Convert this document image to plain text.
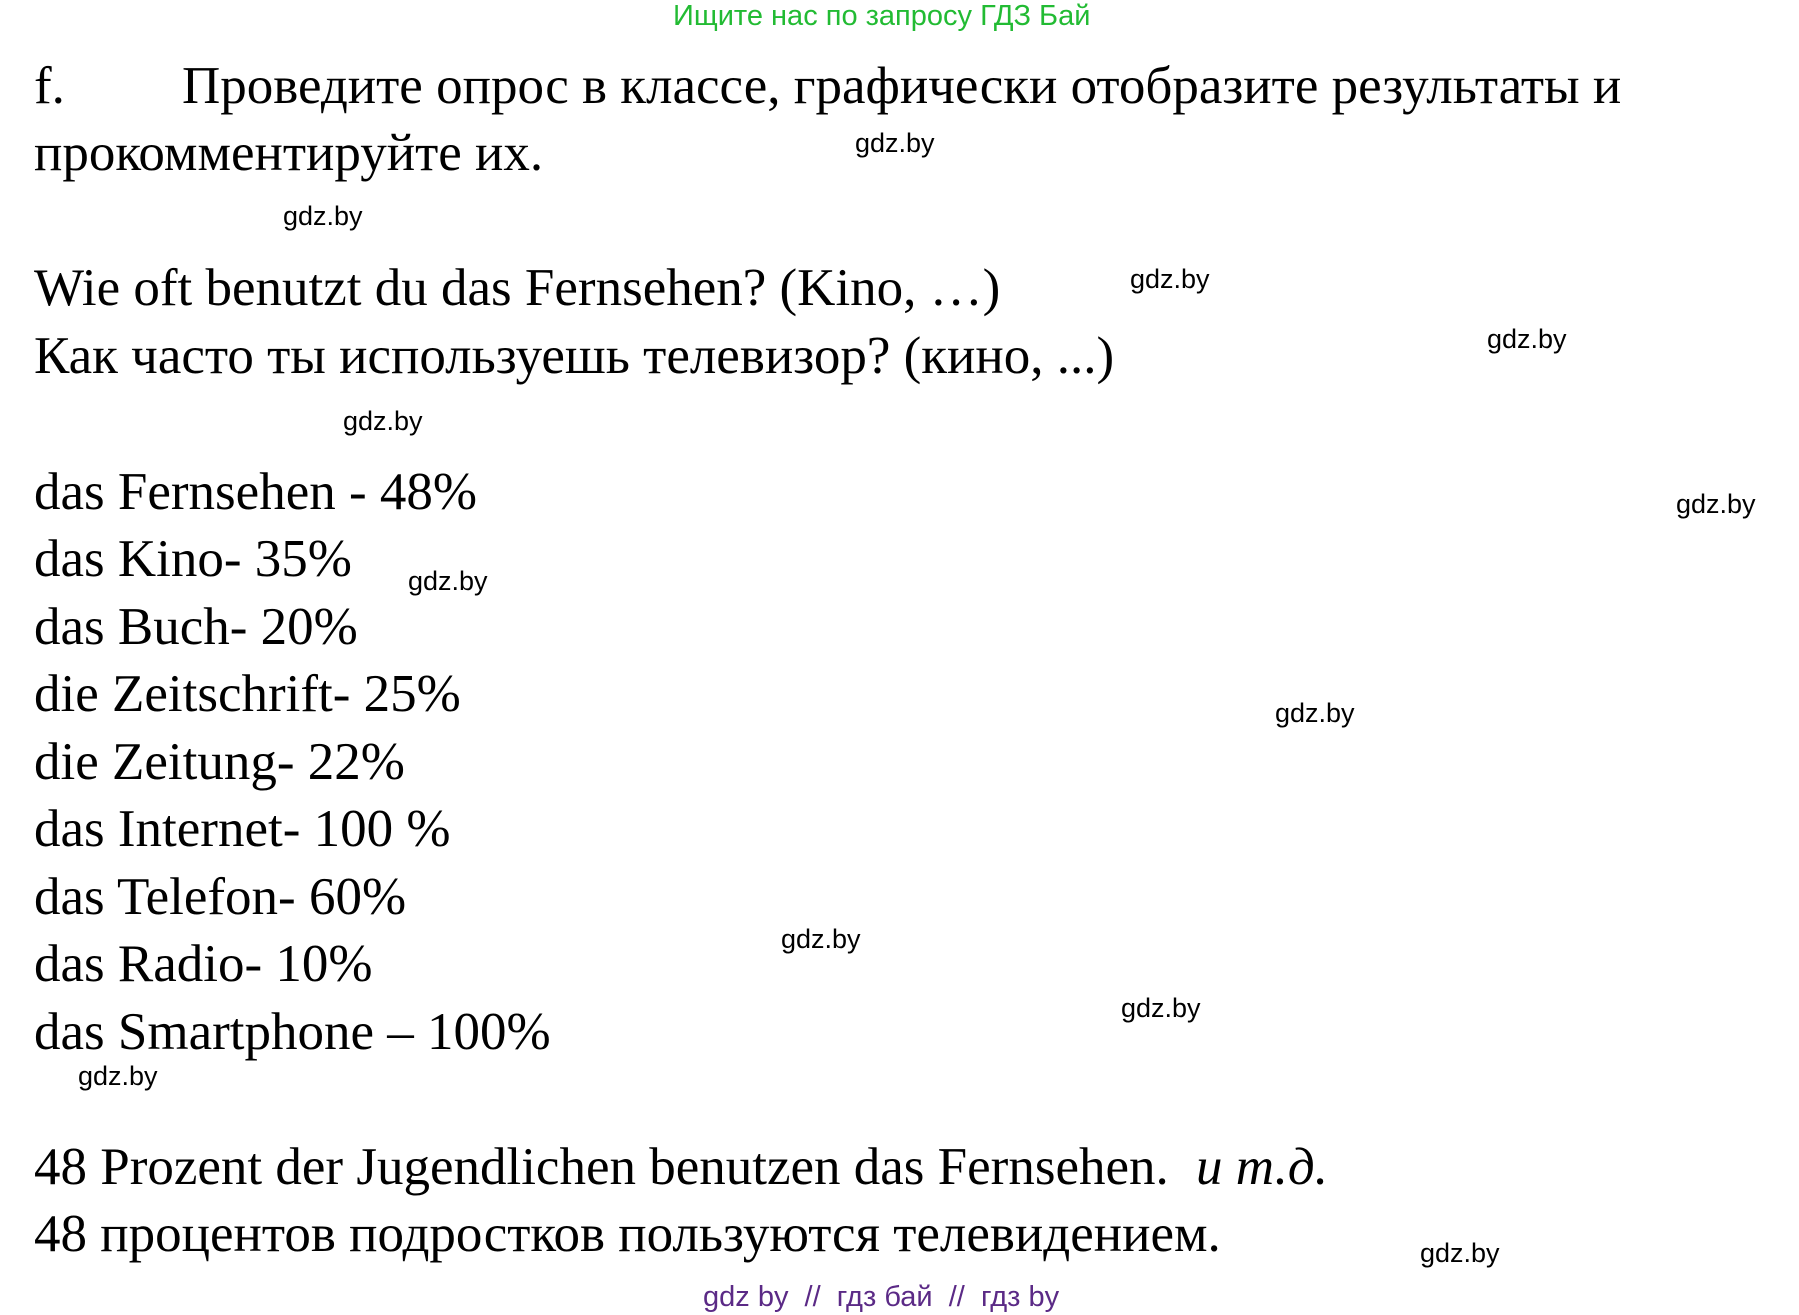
Ищите нас по запросу ГДЗ Бай
f. Проведите опрос в классе, графически отобразите результаты и
прокомментируйте их.
Wie oft benutzt du das Fernsehen? (Kino, …)
Как часто ты используешь телевизор? (кино, ...)
das Fernsehen - 48%
das Kino- 35%
das Buch- 20%
die Zeitschrift- 25%
die Zeitung- 22%
das Internet- 100 %
das Telefon- 60%
das Radio- 10%
das Smartphone – 100%
48 Prozent der Jugendlichen benutzen das Fernsehen. и т.д.
48 процентов подростков пользуются телевидением.
gdz.by
gdz.by
gdz.by
gdz.by
gdz.by
gdz.by
gdz.by
gdz.by
gdz.by
gdz.by
gdz.by
gdz.by
gdz by  //  гдз бай  //  гдз by
